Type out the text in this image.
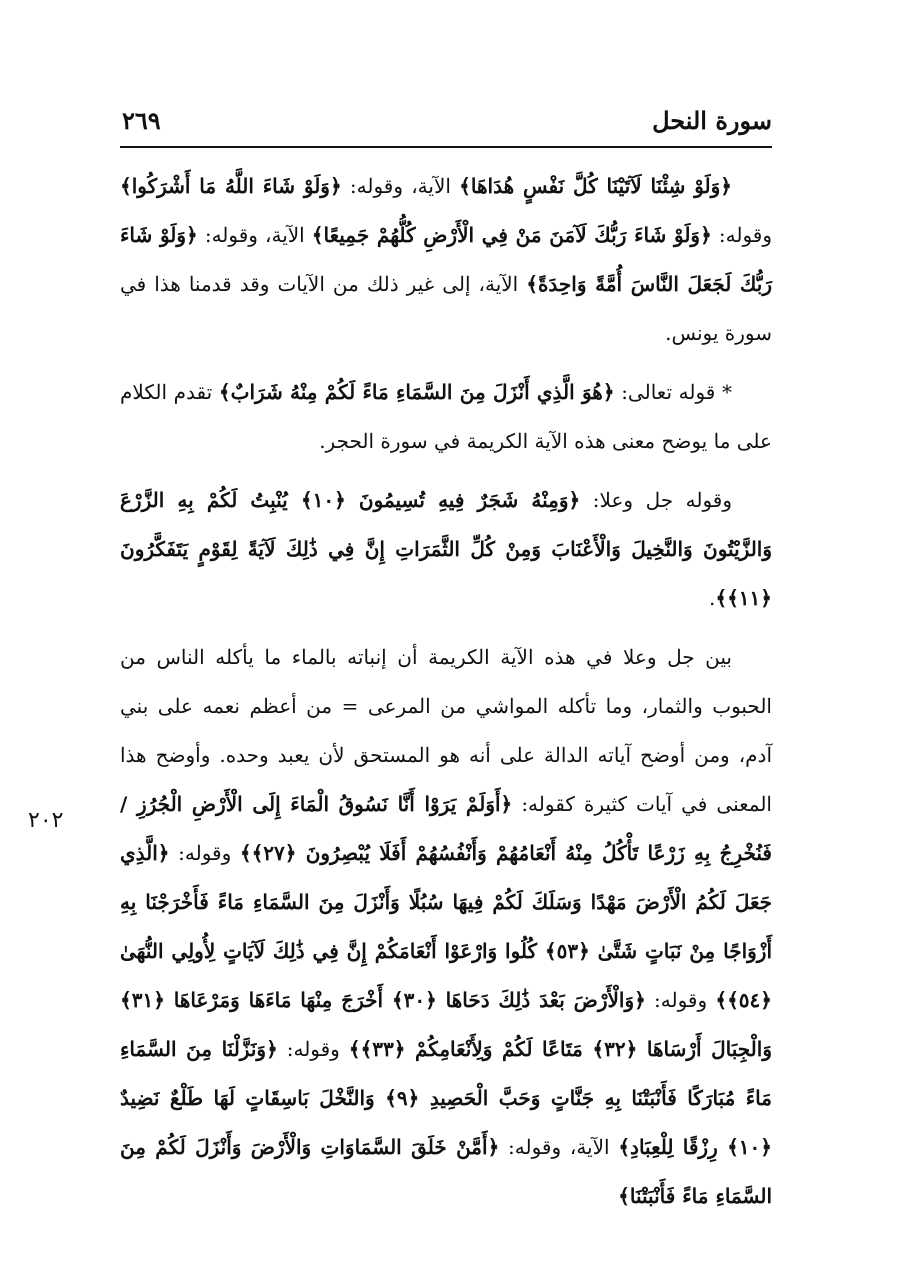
سورة النحل
٢٦٩

﴿وَلَوْ شِئْنَا لَآتَيْنَا كُلَّ نَفْسٍ هُدَاهَا﴾ الآية، وقوله: ﴿وَلَوْ شَاءَ اللَّهُ مَا أَشْرَكُوا﴾ وقوله: ﴿وَلَوْ شَاءَ رَبُّكَ لَآمَنَ مَنْ فِي الْأَرْضِ كُلُّهُمْ جَمِيعًا﴾ الآية، وقوله: ﴿وَلَوْ شَاءَ رَبُّكَ لَجَعَلَ النَّاسَ أُمَّةً وَاحِدَةً﴾ الآية، إلى غير ذلك من الآيات وقد قدمنا هذا في سورة يونس.

* قوله تعالى: ﴿هُوَ الَّذِي أَنْزَلَ مِنَ السَّمَاءِ مَاءً لَكُمْ مِنْهُ شَرَابٌ﴾ تقدم الكلام على ما يوضح معنى هذه الآية الكريمة في سورة الحجر.

وقوله جل وعلا: ﴿وَمِنْهُ شَجَرٌ فِيهِ تُسِيمُونَ ﴿١٠﴾ يُنْبِتُ لَكُمْ بِهِ الزَّرْعَ وَالزَّيْتُونَ وَالنَّخِيلَ وَالْأَعْنَابَ وَمِنْ كُلِّ الثَّمَرَاتِ إِنَّ فِي ذَٰلِكَ لَآيَةً لِقَوْمٍ يَتَفَكَّرُونَ ﴿١١﴾﴾.

بين جل وعلا في هذه الآية الكريمة أن إنباته بالماء ما يأكله الناس من الحبوب والثمار، وما تأكله المواشي من المرعى = من أعظم نعمه على بني آدم، ومن أوضح آياته الدالة على أنه هو المستحق لأن يعبد وحده. وأوضح هذا المعنى في آيات كثيرة كقوله: ﴿أَوَلَمْ يَرَوْا أَنَّا نَسُوقُ الْمَاءَ إِلَى الْأَرْضِ الْجُرُزِ / فَنُخْرِجُ بِهِ زَرْعًا تَأْكُلُ مِنْهُ أَنْعَامُهُمْ وَأَنْفُسُهُمْ أَفَلَا يُبْصِرُونَ ﴿٢٧﴾﴾ وقوله: ﴿الَّذِي جَعَلَ لَكُمُ الْأَرْضَ مَهْدًا وَسَلَكَ لَكُمْ فِيهَا سُبُلًا وَأَنْزَلَ مِنَ السَّمَاءِ مَاءً فَأَخْرَجْنَا بِهِ أَزْوَاجًا مِنْ نَبَاتٍ شَتَّىٰ ﴿٥٣﴾ كُلُوا وَارْعَوْا أَنْعَامَكُمْ إِنَّ فِي ذَٰلِكَ لَآيَاتٍ لِأُولِي النُّهَىٰ ﴿٥٤﴾﴾ وقوله: ﴿وَالْأَرْضَ بَعْدَ ذَٰلِكَ دَحَاهَا ﴿٣٠﴾ أَخْرَجَ مِنْهَا مَاءَهَا وَمَرْعَاهَا ﴿٣١﴾ وَالْجِبَالَ أَرْسَاهَا ﴿٣٢﴾ مَتَاعًا لَكُمْ وَلِأَنْعَامِكُمْ ﴿٣٣﴾﴾ وقوله: ﴿وَنَزَّلْنَا مِنَ السَّمَاءِ مَاءً مُبَارَكًا فَأَنْبَتْنَا بِهِ جَنَّاتٍ وَحَبَّ الْحَصِيدِ ﴿٩﴾ وَالنَّخْلَ بَاسِقَاتٍ لَهَا طَلْعٌ نَضِيدٌ ﴿١٠﴾ رِزْقًا لِلْعِبَادِ﴾ الآية، وقوله: ﴿أَمَّنْ خَلَقَ السَّمَاوَاتِ وَالْأَرْضَ وَأَنْزَلَ لَكُمْ مِنَ السَّمَاءِ مَاءً فَأَنْبَتْنَا﴾

٢٠٢
